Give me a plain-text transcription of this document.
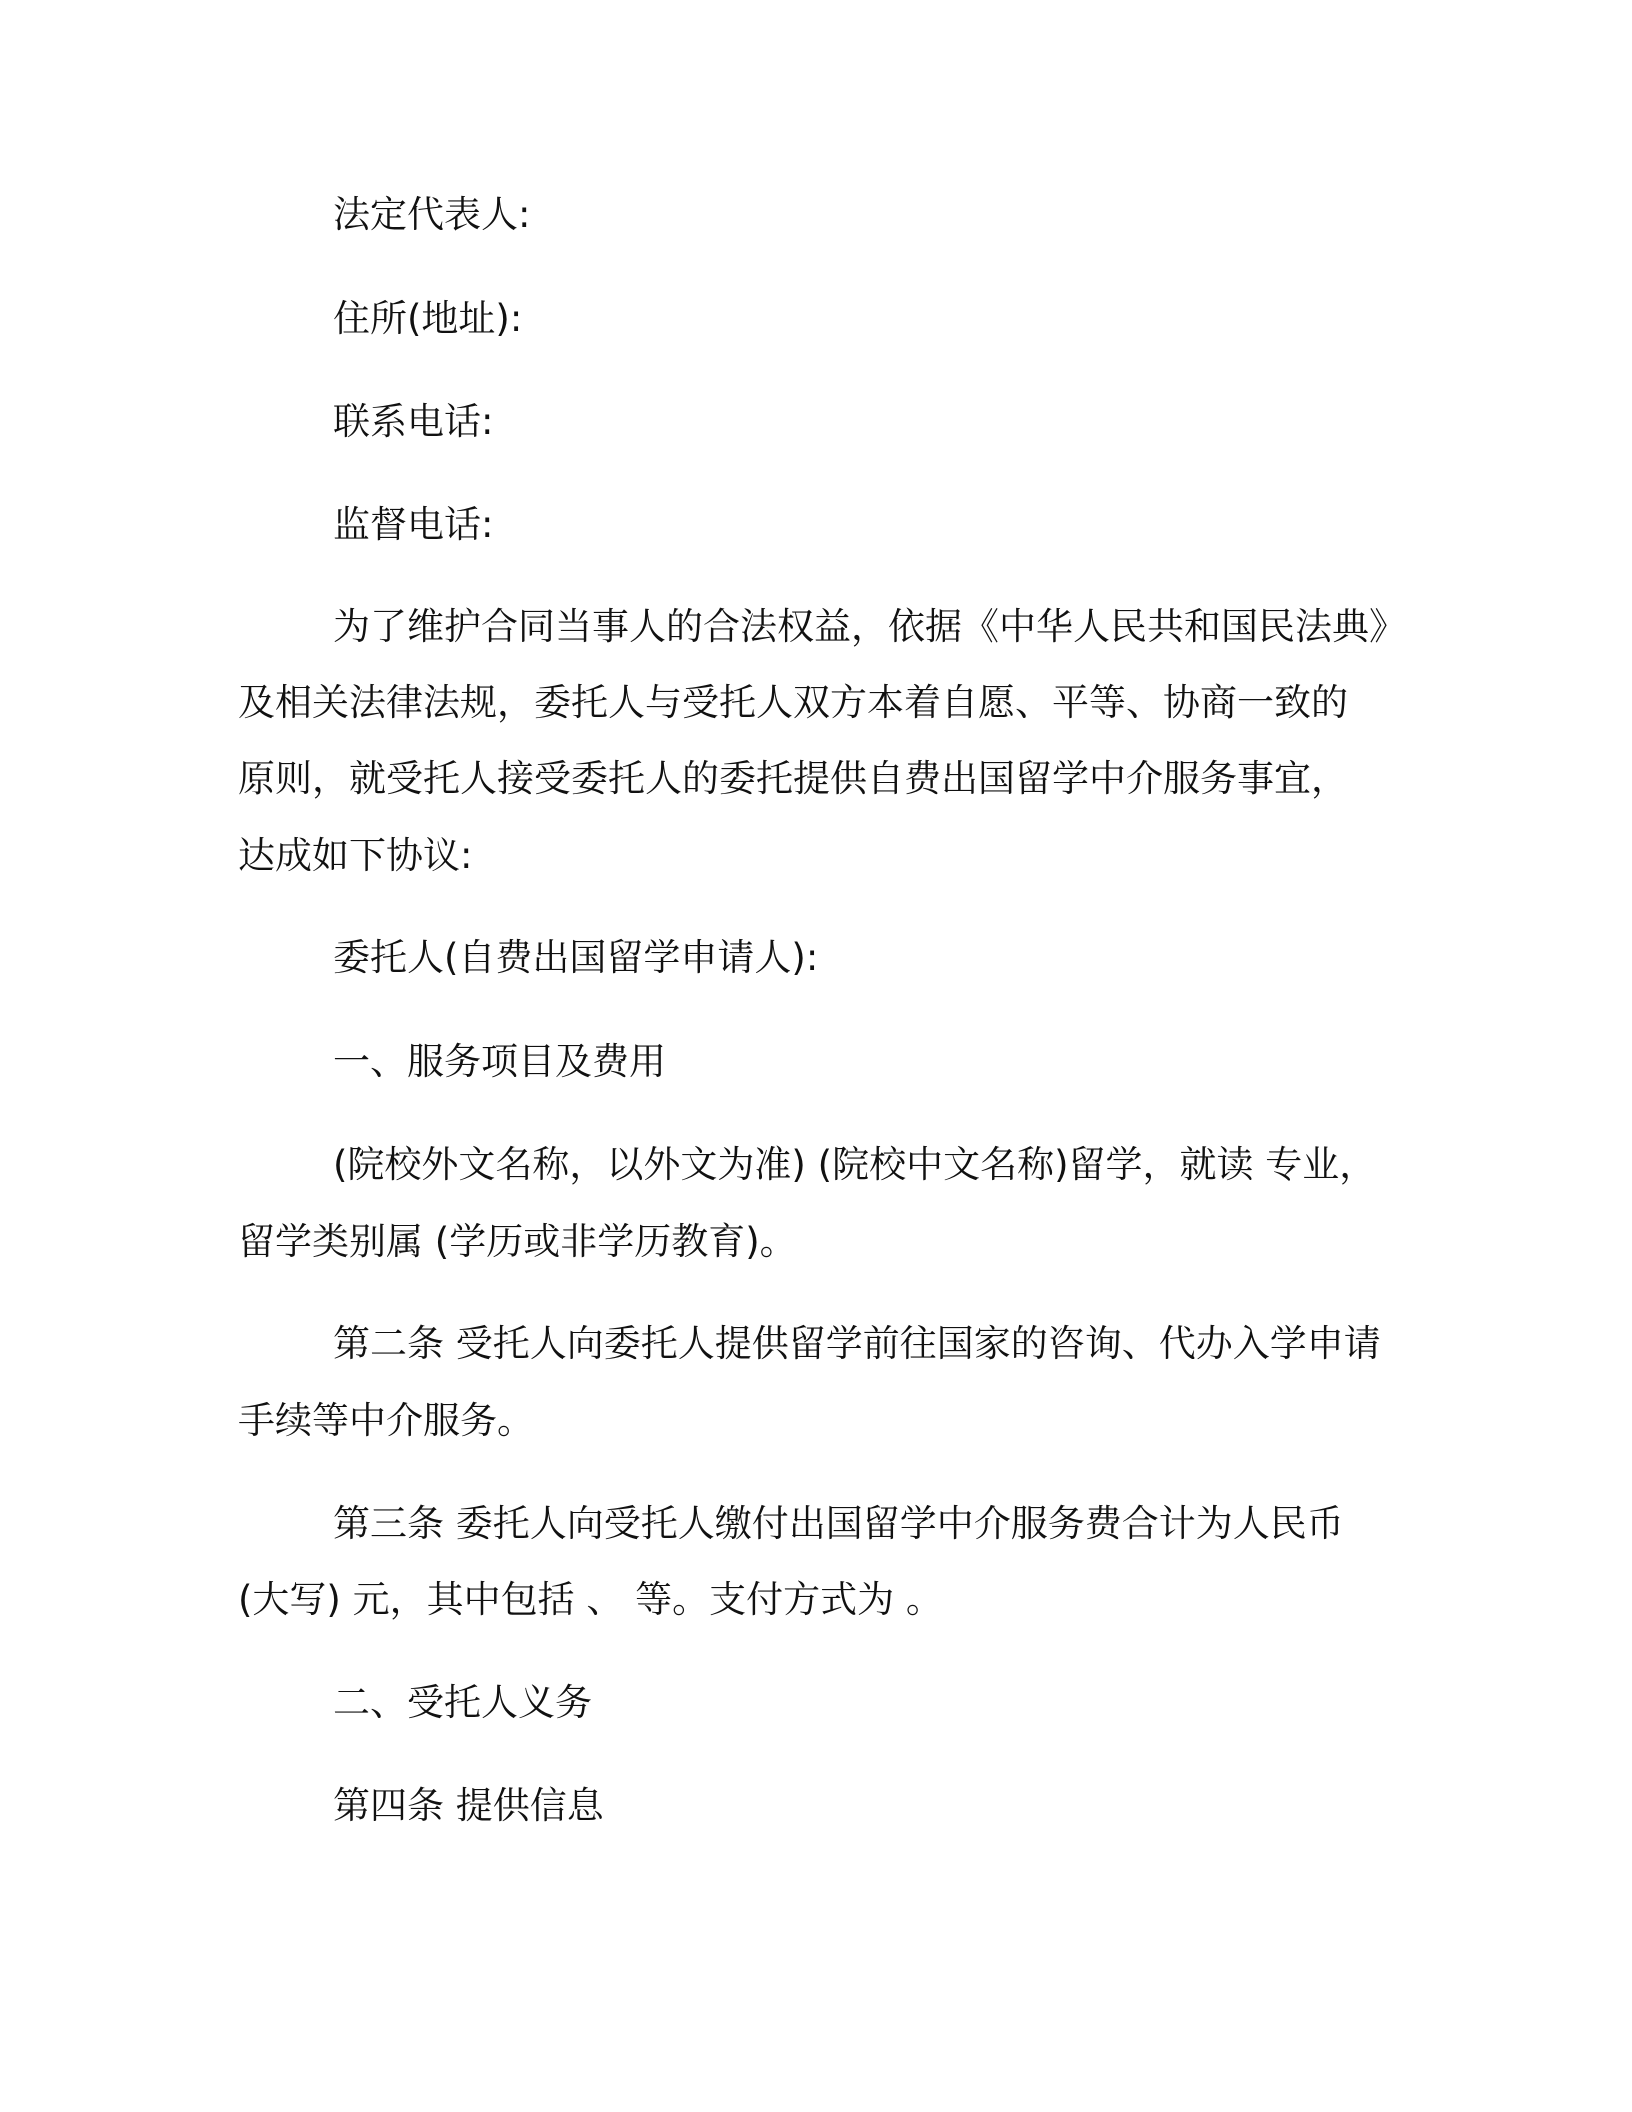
法定代表人:
住所(地址):
联系电话:
监督电话:
为了维护合同当事人的合法权益，依据《中华人民共和国民法典》
及相关法律法规，委托人与受托人双方本着自愿、平等、协商一致的
原则，就受托人接受委托人的委托提供自费出国留学中介服务事宜，
达成如下协议:
委托人(自费出国留学申请人):
一、服务项目及费用
(院校外文名称，以外文为准) (院校中文名称)留学，就读 专业，
留学类别属 (学历或非学历教育)。
第二条 受托人向委托人提供留学前往国家的咨询、代办入学申请
手续等中介服务。
第三条 委托人向受托人缴付出国留学中介服务费合计为人民币
(大写) 元，其中包括 、 等。支付方式为 。
二、受托人义务
第四条 提供信息
